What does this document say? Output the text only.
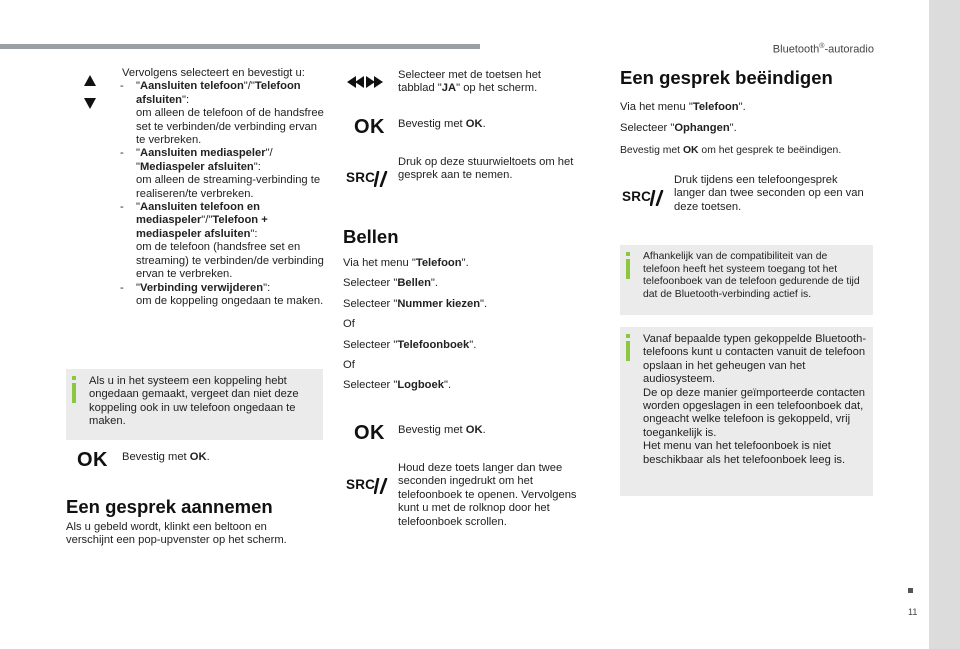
Bluetooth®-autoradio
Vervolgens selecteert en bevestigt u:
- "Aansluiten telefoon"/"Telefoon afsluiten":
om alleen de telefoon of de handsfree set te verbinden/de verbinding ervan te verbreken.
- "Aansluiten mediaspeler"/
"Mediaspeler afsluiten":
om alleen de streaming-verbinding te realiseren/te verbreken.
- "Aansluiten telefoon en mediaspeler"/"Telefoon + mediaspeler afsluiten":
om de telefoon (handsfree set en streaming) te verbinden/de verbinding ervan te verbreken.
- "Verbinding verwijderen":
om de koppeling ongedaan te maken.
Als u in het systeem een koppeling hebt ongedaan gemaakt, vergeet dan niet deze koppeling ook in uw telefoon ongedaan te maken.
OK Bevestig met OK.
Een gesprek aannemen
Als u gebeld wordt, klinkt een beltoon en verschijnt een pop-upvenster op het scherm.
Selecteer met de toetsen het tabblad "JA" op het scherm.
OK Bevestig met OK.
SRC
Druk op deze stuurwieltoets om het gesprek aan te nemen.
Bellen
Via het menu "Telefoon".
Selecteer "Bellen".
Selecteer "Nummer kiezen".
Of
Selecteer "Telefoonboek".
Of
Selecteer "Logboek".
OK Bevestig met OK.
SRC
Houd deze toets langer dan twee seconden ingedrukt om het telefoonboek te openen. Vervolgens kunt u met de rolknop door het telefoonboek scrollen.
Een gesprek beëindigen
Via het menu "Telefoon".
Selecteer "Ophangen".
Bevestig met OK om het gesprek te beëindigen.
SRC
Druk tijdens een telefoongesprek langer dan twee seconden op een van deze toetsen.
Afhankelijk van de compatibiliteit van de telefoon heeft het systeem toegang tot het telefoonboek van de telefoon gedurende de tijd dat de Bluetooth-verbinding actief is.
Vanaf bepaalde typen gekoppelde Bluetooth-telefoons kunt u contacten vanuit de telefoon opslaan in het geheugen van het audiosysteem.
De op deze manier geïmporteerde contacten worden opgeslagen in een telefoonboek dat, ongeacht welke telefoon is gekoppeld, vrij toegankelijk is.
Het menu van het telefoonboek is niet beschikbaar als het telefoonboek leeg is.
11
